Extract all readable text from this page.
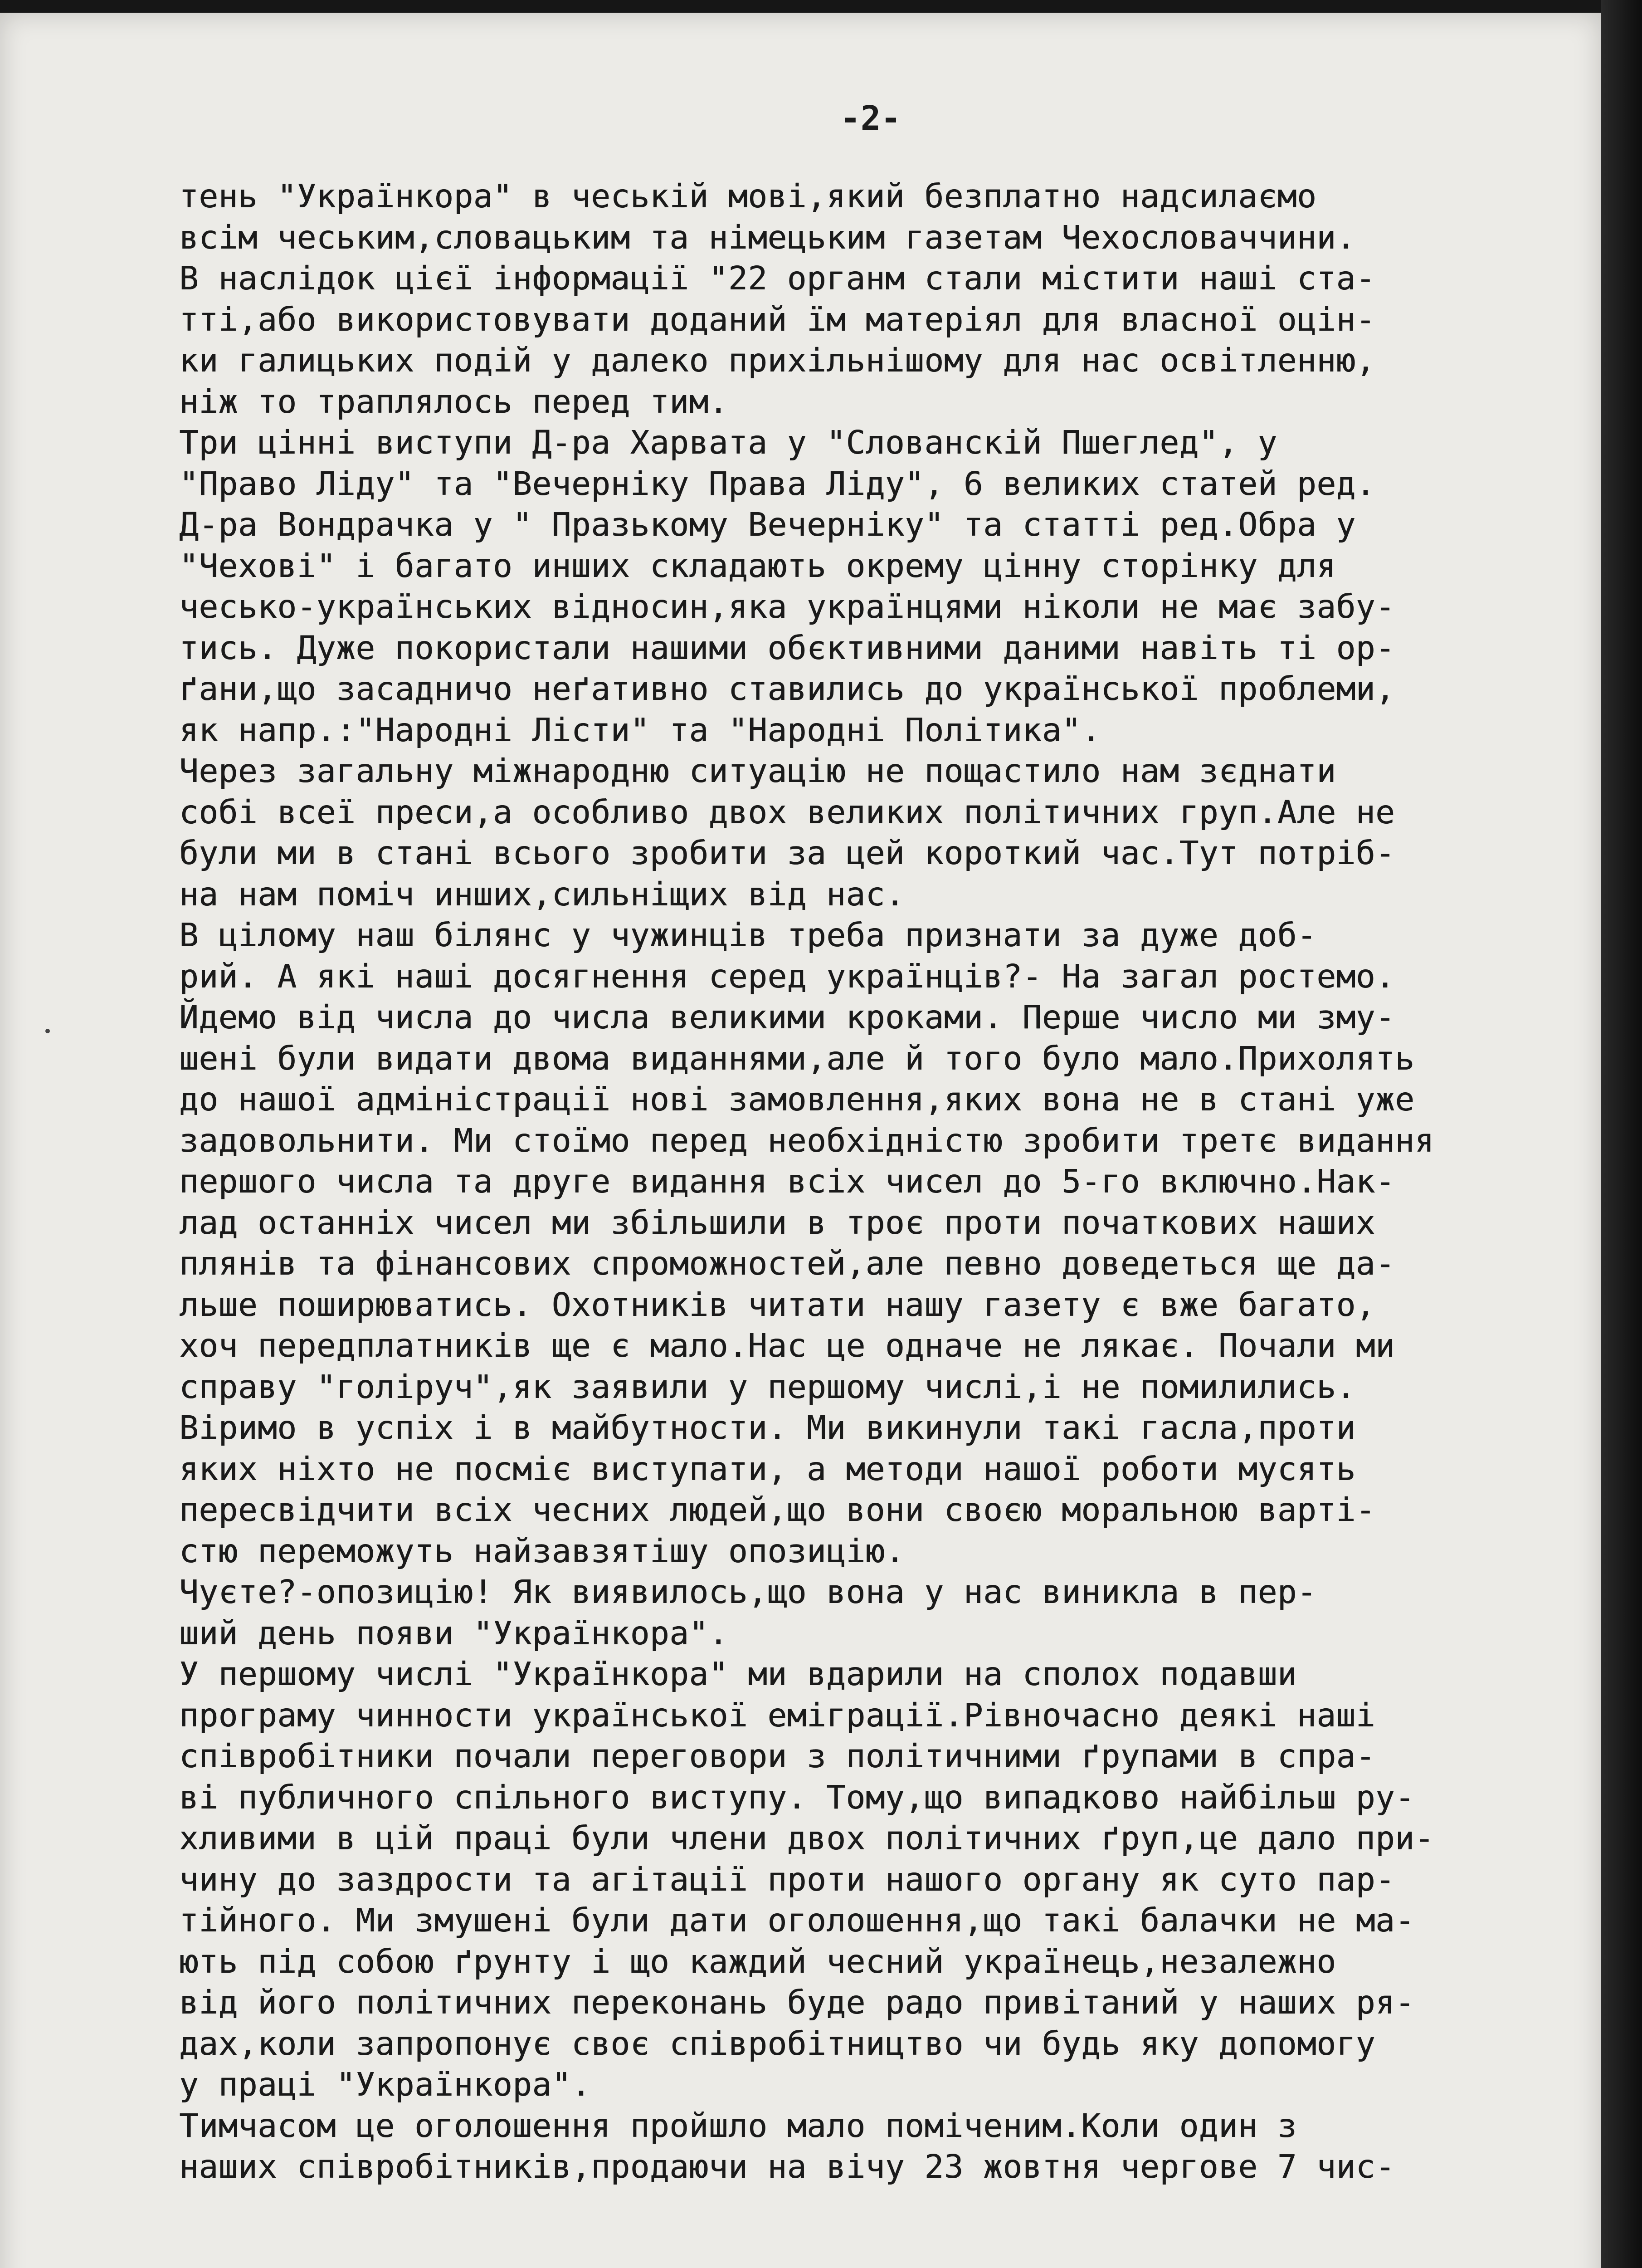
-2-
тень "Українкора" в чеській мові,який безплатно надсилаємо
всім чеським,словацьким та німецьким газетам Чехословаччини.
В наслідок цієї інформації "22 органм стали містити наші ста-
тті,або використовувати доданий їм матеріял для власної оцін-
ки галицьких подій у далеко прихільнішому для нас освітленню,
ніж то траплялось перед тим.
Три цінні виступи Д-ра Харвата у "Слованскій Пшеглед", у
"Право Ліду" та "Вечерніку Права Ліду", 6 великих статей ред.
Д-ра Вондрачка у " Празькому Вечерніку" та статті ред.Обра у
"Чехові" і багато инших складають окрему цінну сторінку для
чесько-українських відносин,яка українцями ніколи не має забу-
тись. Дуже покористали нашими обєктивними даними навіть ті ор-
ґани,що засадничо неґативно ставились до української проблеми,
як напр.:"Народні Лісти" та "Народні Політика".
Через загальну міжнародню ситуацію не пощастило нам зєднати
собі всеї преси,а особливо двох великих політичних груп.Але не
були ми в стані всього зробити за цей короткий час.Тут потріб-
на нам поміч инших,сильніщих від нас.
В цілому наш білянс у чужинців треба признати за дуже доб-
рий. А які наші досягнення серед українців?- На загал ростемо.
Йдемо від числа до числа великими кроками. Перше число ми зму-
шені були видати двома виданнями,але й того було мало.Прихолять
до нашої адміністрації нові замовлення,яких вона не в стані уже
задовольнити. Ми стоїмо перед необхідністю зробити третє видання
першого числа та друге видання всіх чисел до 5-го включно.Нак-
лад останніх чисел ми збільшили в троє проти початкових наших
плянів та фінансових спроможностей,але певно доведеться ще да-
льше поширюватись. Охотників читати нашу газету є вже багато,
хоч передплатників ще є мало.Нас це одначе не лякає. Почали ми
справу "голіруч",як заявили у першому числі,і не помилились.
Віримо в успіх і в майбутности. Ми викинули такі гасла,проти
яких ніхто не посміє виступати, а методи нашої роботи мусять
пересвідчити всіх чесних людей,що вони своєю моральною варті-
стю переможуть найзавзятішу опозицію.
Чуєте?-опозицію! Як виявилось,що вона у нас виникла в пер-
ший день появи "Українкора".
У першому числі "Українкора" ми вдарили на сполох подавши
програму чинности української еміграції.Рівночасно деякі наші
співробітники почали переговори з політичними ґрупами в спра-
ві публичного спільного виступу. Тому,що випадково найбільш ру-
хливими в цій праці були члени двох політичних ґруп,це дало при-
чину до заздрости та агітації проти нашого органу як суто пар-
тійного. Ми змушені були дати оголошення,що такі балачки не ма-
ють під собою ґрунту і що каждий чесний українець,незалежно
від його політичних переконань буде радо привітаний у наших ря-
дах,коли запропонує своє співробітництво чи будь яку допомогу
у праці "Українкора".
Тимчасом це оголошення пройшло мало поміченим.Коли один з
наших співробітників,продаючи на вічу 23 жовтня чергове 7 чис-
